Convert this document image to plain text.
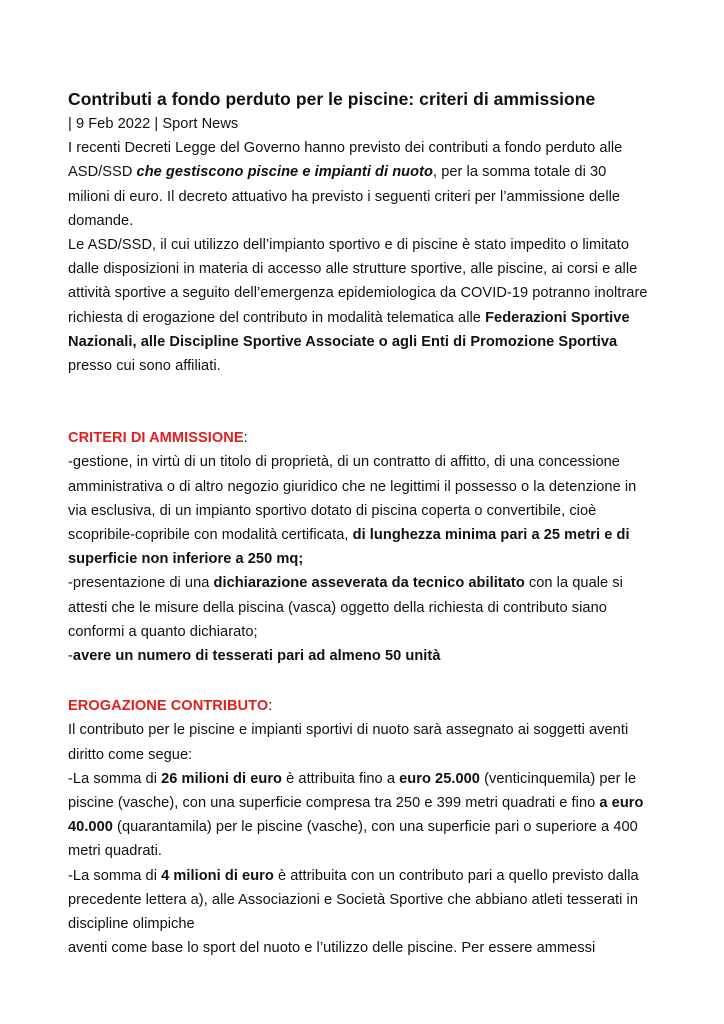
Contributi a fondo perduto per le piscine: criteri di ammissione

| 9 Feb 2022 | Sport News

I recenti Decreti Legge del Governo hanno previsto dei contributi a fondo perduto alle ASD/SSD che gestiscono piscine e impianti di nuoto, per la somma totale di 30 milioni di euro. Il decreto attuativo ha previsto i seguenti criteri per l’ammissione delle domande.

Le ASD/SSD, il cui utilizzo dell’impianto sportivo e di piscine è stato impedito o limitato dalle disposizioni in materia di accesso alle strutture sportive, alle piscine, ai corsi e alle attività sportive a seguito dell’emergenza epidemiologica da COVID-19 potranno inoltrare richiesta di erogazione del contributo in modalità telematica alle Federazioni Sportive Nazionali, alle Discipline Sportive Associate o agli Enti di Promozione Sportiva presso cui sono affiliati.

CRITERI DI AMMISSIONE:

-gestione, in virtù di un titolo di proprietà, di un contratto di affitto, di una concessione amministrativa o di altro negozio giuridico che ne legittimi il possesso o la detenzione in via esclusiva, di un impianto sportivo dotato di piscina coperta o convertibile, cioè scopribile-copribile con modalità certificata, di lunghezza minima pari a 25 metri e di superficie non inferiore a 250 mq;

-presentazione di una dichiarazione asseverata da tecnico abilitato con la quale si attesti che le misure della piscina (vasca) oggetto della richiesta di contributo siano conformi a quanto dichiarato;

-avere un numero di tesserati pari ad almeno 50 unità

EROGAZIONE CONTRIBUTO:

Il contributo per le piscine e impianti sportivi di nuoto sarà assegnato ai soggetti aventi diritto come segue:

-La somma di 26 milioni di euro è attribuita fino a euro 25.000 (venticinquemila) per le piscine (vasche), con una superficie compresa tra 250 e 399 metri quadrati e fino a euro 40.000 (quarantamila) per le piscine (vasche), con una superficie pari o superiore a 400 metri quadrati.

-La somma di 4 milioni di euro è attribuita con un contributo pari a quello previsto dalla precedente lettera a), alle Associazioni e Società Sportive che abbiano atleti tesserati in discipline olimpiche

aventi come base lo sport del nuoto e l’utilizzo delle piscine. Per essere ammessi
